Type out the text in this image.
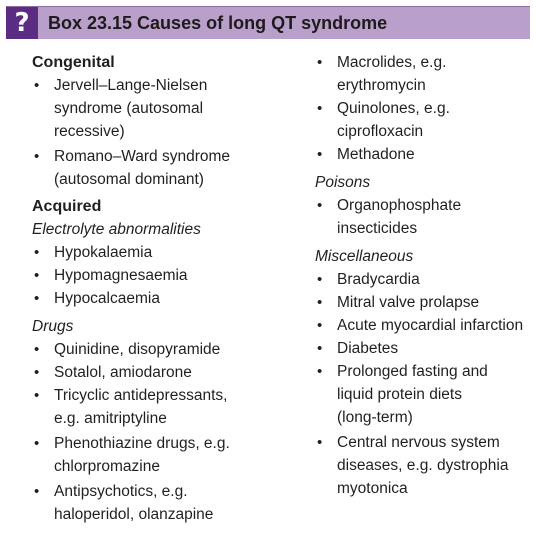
?	Box 23.15 Causes of long QT syndrome
Congenital
• Jervell–Lange-Nielsen
syndrome (autosomal
recessive)
• Romano–Ward syndrome
(autosomal dominant)
Acquired
Electrolyte abnormalities
• Hypokalaemia
• Hypomagnesaemia
• Hypocalcaemia
Drugs
• Quinidine, disopyramide
• Sotalol, amiodarone
• Tricyclic antidepressants,
e.g. amitriptyline
• Phenothiazine drugs, e.g.
chlorpromazine
• Antipsychotics, e.g.
haloperidol, olanzapine
• Macrolides, e.g.
erythromycin
• Quinolones, e.g.
ciprofloxacin
• Methadone
Poisons
• Organophosphate
insecticides
Miscellaneous
• Bradycardia
• Mitral valve prolapse
• Acute myocardial infarction
• Diabetes
• Prolonged fasting and
liquid protein diets
(long-term)
• Central nervous system
diseases, e.g. dystrophia
myotonica
